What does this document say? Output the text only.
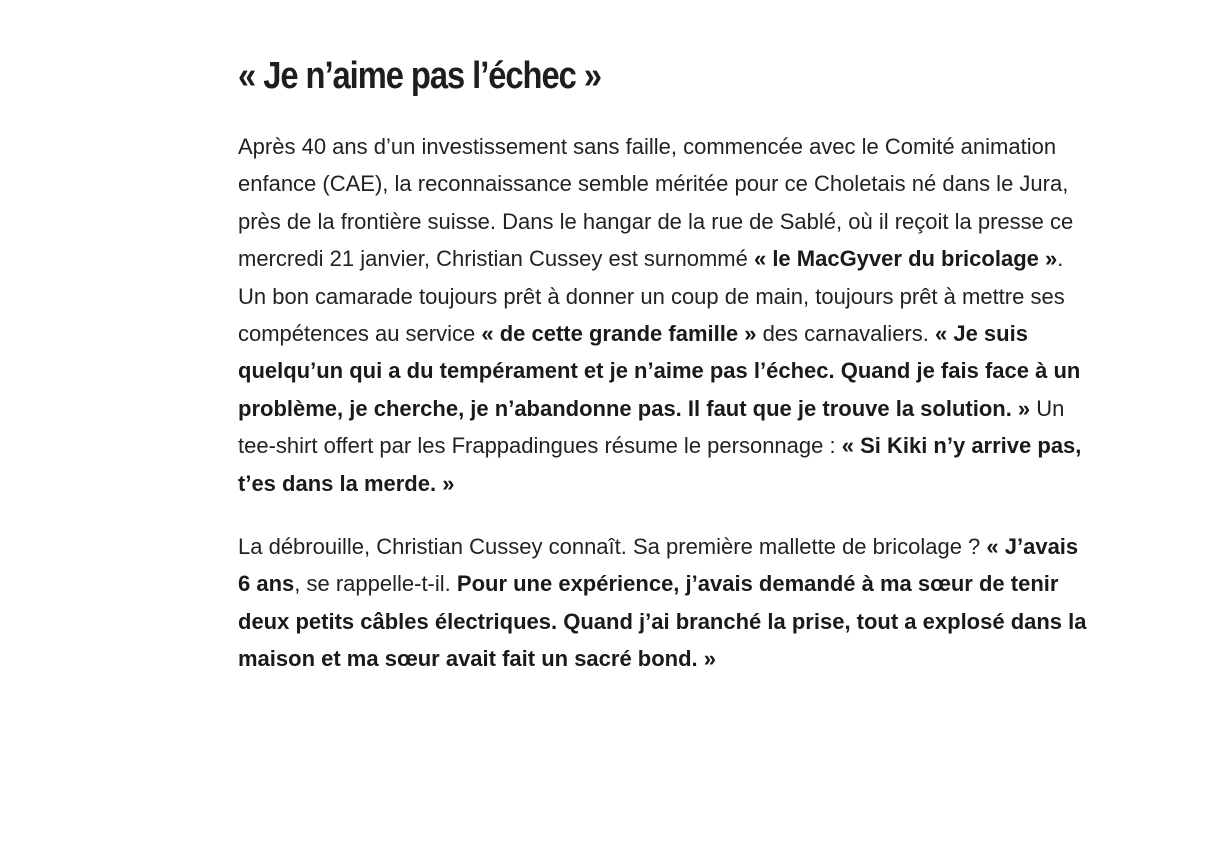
« Je n’aime pas l’échec »

Après 40 ans d’un investissement sans faille, commencée avec le Comité animation enfance (CAE), la reconnaissance semble méritée pour ce Choletais né dans le Jura, près de la frontière suisse. Dans le hangar de la rue de Sablé, où il reçoit la presse ce mercredi 21 janvier, Christian Cussey est surnommé « le MacGyver du bricolage ». Un bon camarade toujours prêt à donner un coup de main, toujours prêt à mettre ses compétences au service « de cette grande famille » des carnavaliers. « Je suis quelqu’un qui a du tempérament et je n’aime pas l’échec. Quand je fais face à un problème, je cherche, je n’abandonne pas. Il faut que je trouve la solution. » Un tee-shirt offert par les Frappadingues résume le personnage : « Si Kiki n’y arrive pas, t’es dans la merde. »

La débrouille, Christian Cussey connaît. Sa première mallette de bricolage ? « J’avais 6 ans, se rappelle-t-il. Pour une expérience, j’avais demandé à ma sœur de tenir deux petits câbles électriques. Quand j’ai branché la prise, tout a explosé dans la maison et ma sœur avait fait un sacré bond. »
